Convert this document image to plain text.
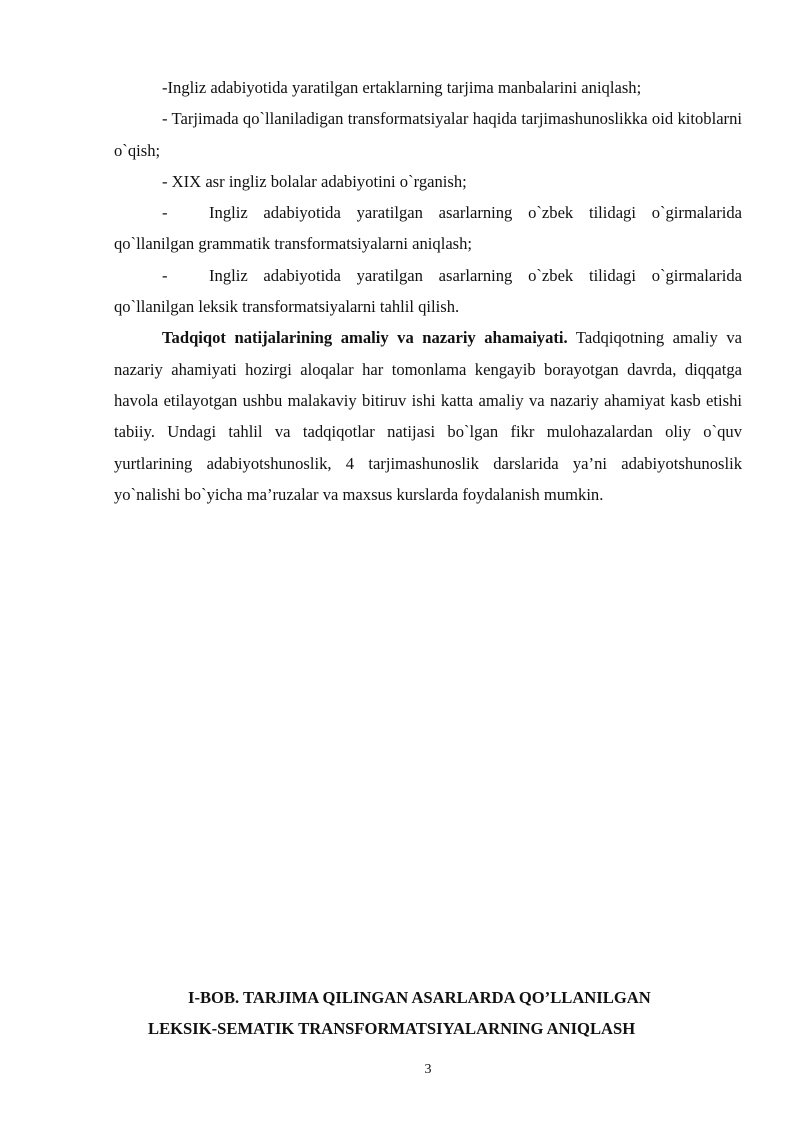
-Ingliz adabiyotida yaratilgan ertaklarning tarjima manbalarini aniqlash;

- Tarjimada qo`llaniladigan transformatsiyalar haqida tarjimashunoslikka oid kitoblarni o`qish;

- XIX asr ingliz bolalar adabiyotini o`rganish;

- Ingliz adabiyotida yaratilgan asarlarning o`zbek tilidagi o`girmalarida qo`llanilgan grammatik transformatsiyalarni aniqlash;

- Ingliz adabiyotida yaratilgan asarlarning o`zbek tilidagi o`girmalarida qo`llanilgan leksik transformatsiyalarni tahlil qilish.

Tadqiqot natijalarining amaliy va nazariy ahamaiyati. Tadqiqotning amaliy va nazariy ahamiyati hozirgi aloqalar har tomonlama kengayib borayotgan davrda, diqqatga havola etilayotgan ushbu malakaviy bitiruv ishi katta amaliy va nazariy ahamiyat kasb etishi tabiiy. Undagi tahlil va tadqiqotlar natijasi bo`lgan fikr mulohazalardan oliy o`quv yurtlarining adabiyotshunoslik, 4 tarjimashunoslik darslarida ya’ni adabiyotshunoslik yo`nalishi bo`yicha ma’ruzalar va maxsus kurslarda foydalanish mumkin.

I-BOB. TARJIMA QILINGAN ASARLARDA QO’LLANILGAN
LEKSIK-SEMATIK TRANSFORMATSIYALARNING ANIQLASH
3
